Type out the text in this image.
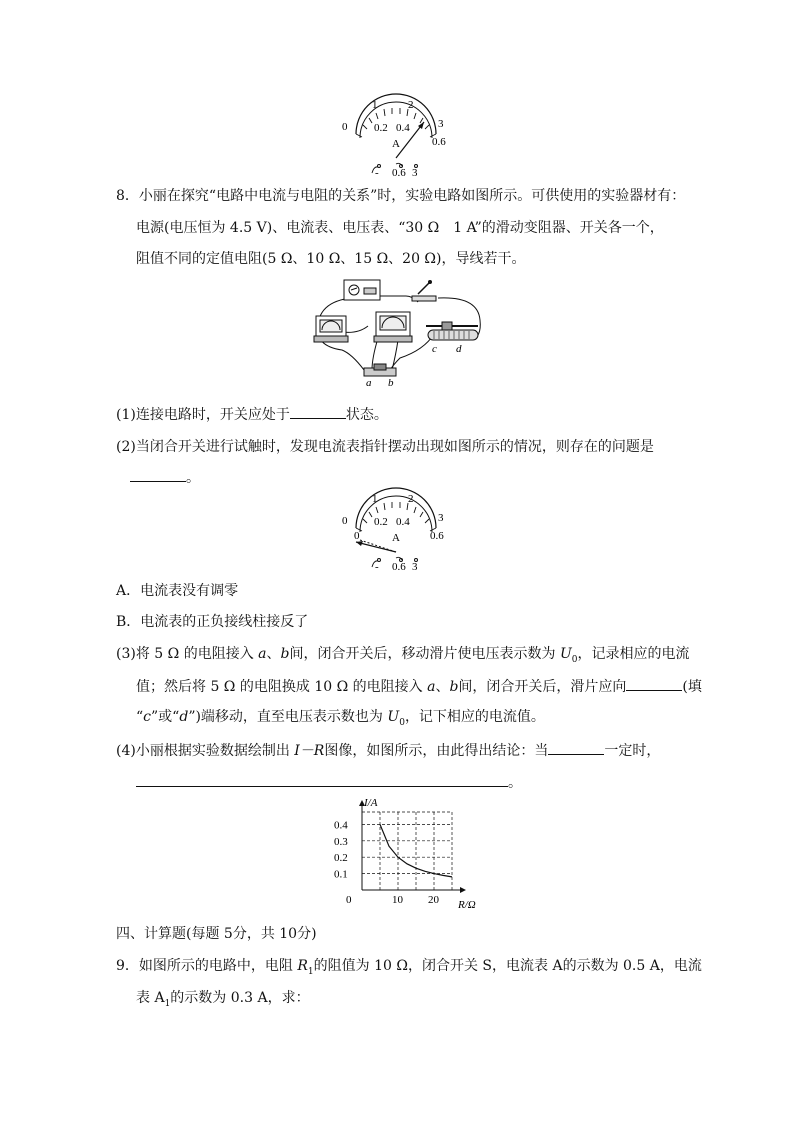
0
1	2
3
0.2 0.4
0.6
A
- 0.6 3
8．小丽在探究“电路中电流与电阻的关系”时，实验电路如图所示。可供使用的实验器材有：
电源(电压恒为 4.5 V)、电流表、电压表、“30 Ω　1 A”的滑动变阻器、开关各一个，
阻值不同的定值电阻(5 Ω、10 Ω、15 Ω、20 Ω)，导线若干。
a b
c d
(1)连接电路时，开关应处于	状态。
(2)当闭合开关进行试触时，发现电流表指针摆动出现如图所示的情况，则存在的问题是
。
0
1	2
3
0.2 0.4
0.6
0	A
- 0.6 3
A．电流表没有调零
B．电流表的正负接线柱接反了
(3)将 5 Ω 的电阻接入 a、b间，闭合开关后，移动滑片使电压表示数为 $U_0$，记录相应的电流
值；然后将 5 Ω 的电阻换成 10 Ω 的电阻接入 a、b间，闭合开关后，滑片应向	(填
“c”或“d”)端移动，直至电压表示数也为 $U_0$，记下相应的电流值。
(4)小丽根据实验数据绘制出 I－R图像，如图所示，由此得出结论：当	一定时，
。
I/A
R/Ω
0	10 20
0.1
0.2
0.3
0.4
四、计算题(每题 5分，共 10分)
9．如图所示的电路中，电阻 $R_1$的阻值为 10 Ω，闭合开关 S，电流表 A的示数为 0.5 A，电流
表 $A_1$的示数为 0.3 A，求：
